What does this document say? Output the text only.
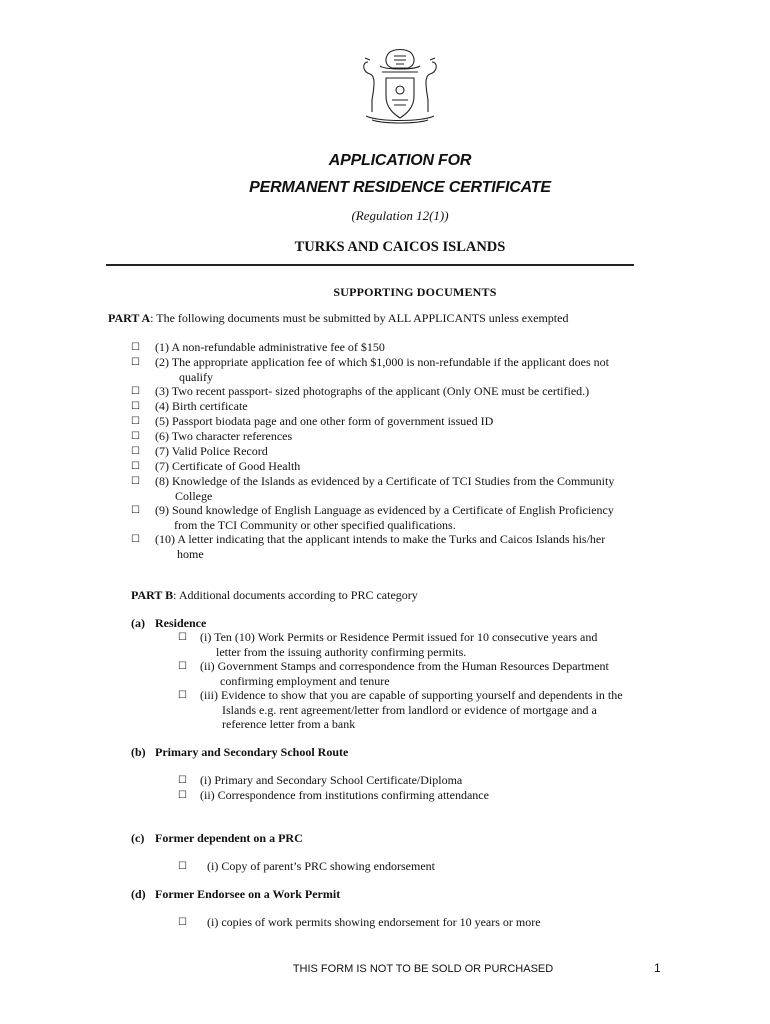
APPLICATION FOR
PERMANENT RESIDENCE CERTIFICATE
(Regulation 12(1))
TURKS AND CAICOS ISLANDS
SUPPORTING DOCUMENTS
PART A: The following documents must be submitted by ALL APPLICANTS unless exempted
☐ (1) A non-refundable administrative fee of $150
☐ (2) The appropriate application fee of which $1,000 is non-refundable if the applicant does not
qualify
☐ (3) Two recent passport- sized photographs of the applicant (Only ONE must be certified.)
☐ (4) Birth certificate
☐ (5) Passport biodata page and one other form of government issued ID
☐ (6) Two character references
☐ (7) Valid Police Record
☐ (7) Certificate of Good Health
☐ (8) Knowledge of the Islands as evidenced by a Certificate of TCI Studies from the Community
College
☐ (9) Sound knowledge of English Language as evidenced by a Certificate of English Proficiency
from the TCI Community or other specified qualifications.
☐ (10) A letter indicating that the applicant intends to make the Turks and Caicos Islands his/her
home
PART B: Additional documents according to PRC category
(a) Residence
☐ (i) Ten (10) Work Permits or Residence Permit issued for 10 consecutive years and
letter from the issuing authority confirming permits.
☐ (ii) Government Stamps and correspondence from the Human Resources Department
confirming employment and tenure
☐ (iii) Evidence to show that you are capable of supporting yourself and dependents in the
Islands e.g. rent agreement/letter from landlord or evidence of mortgage and a
reference letter from a bank
(b) Primary and Secondary School Route
☐ (i) Primary and Secondary School Certificate/Diploma
☐ (ii) Correspondence from institutions confirming attendance
(c) Former dependent on a PRC
☐ (i) Copy of parent’s PRC showing endorsement
(d) Former Endorsee on a Work Permit
☐ (i) copies of work permits showing endorsement for 10 years or more
THIS FORM IS NOT TO BE SOLD OR PURCHASED	1
